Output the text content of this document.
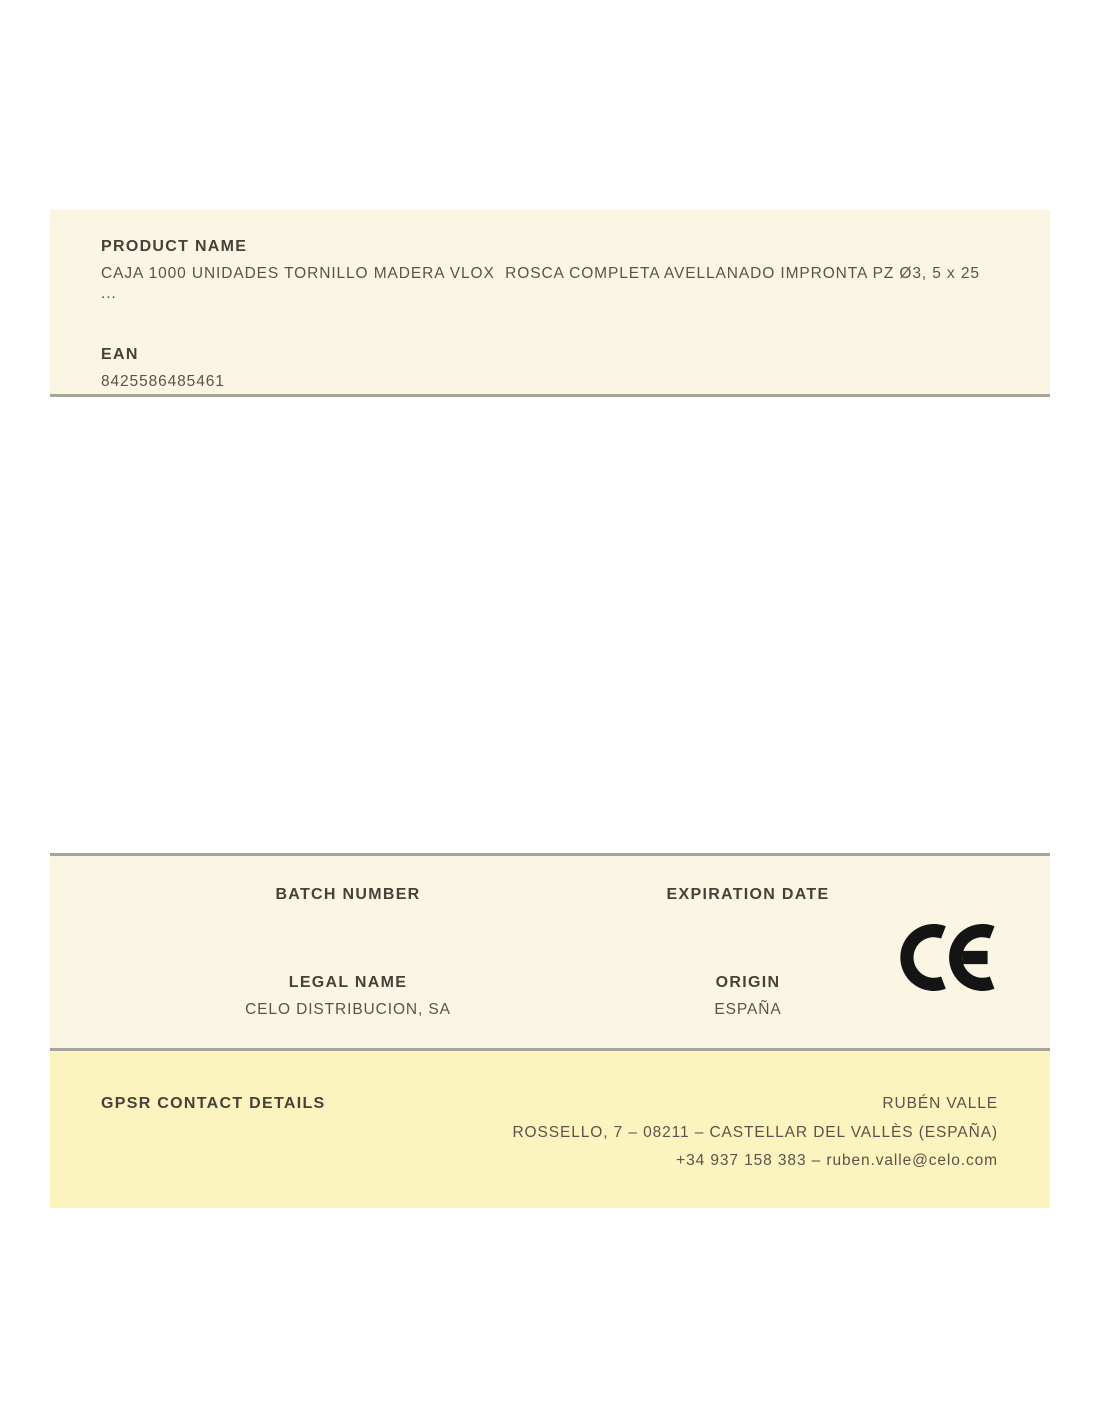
PRODUCT NAME
CAJA 1000 UNIDADES TORNILLO MADERA VLOX  ROSCA COMPLETA AVELLANADO IMPRONTA PZ Ø3, 5 x 25 ...
EAN
8425586485461
BATCH NUMBER	EXPIRATION DATE
LEGAL NAME
CELO DISTRIBUCION, SA
ORIGIN
ESPAÑA
GPSR CONTACT DETAILS	RUBÉN VALLE
ROSSELLO, 7 – 08211 – CASTELLAR DEL VALLÈS (ESPAÑA)
+34 937 158 383 – ruben.valle@celo.com
